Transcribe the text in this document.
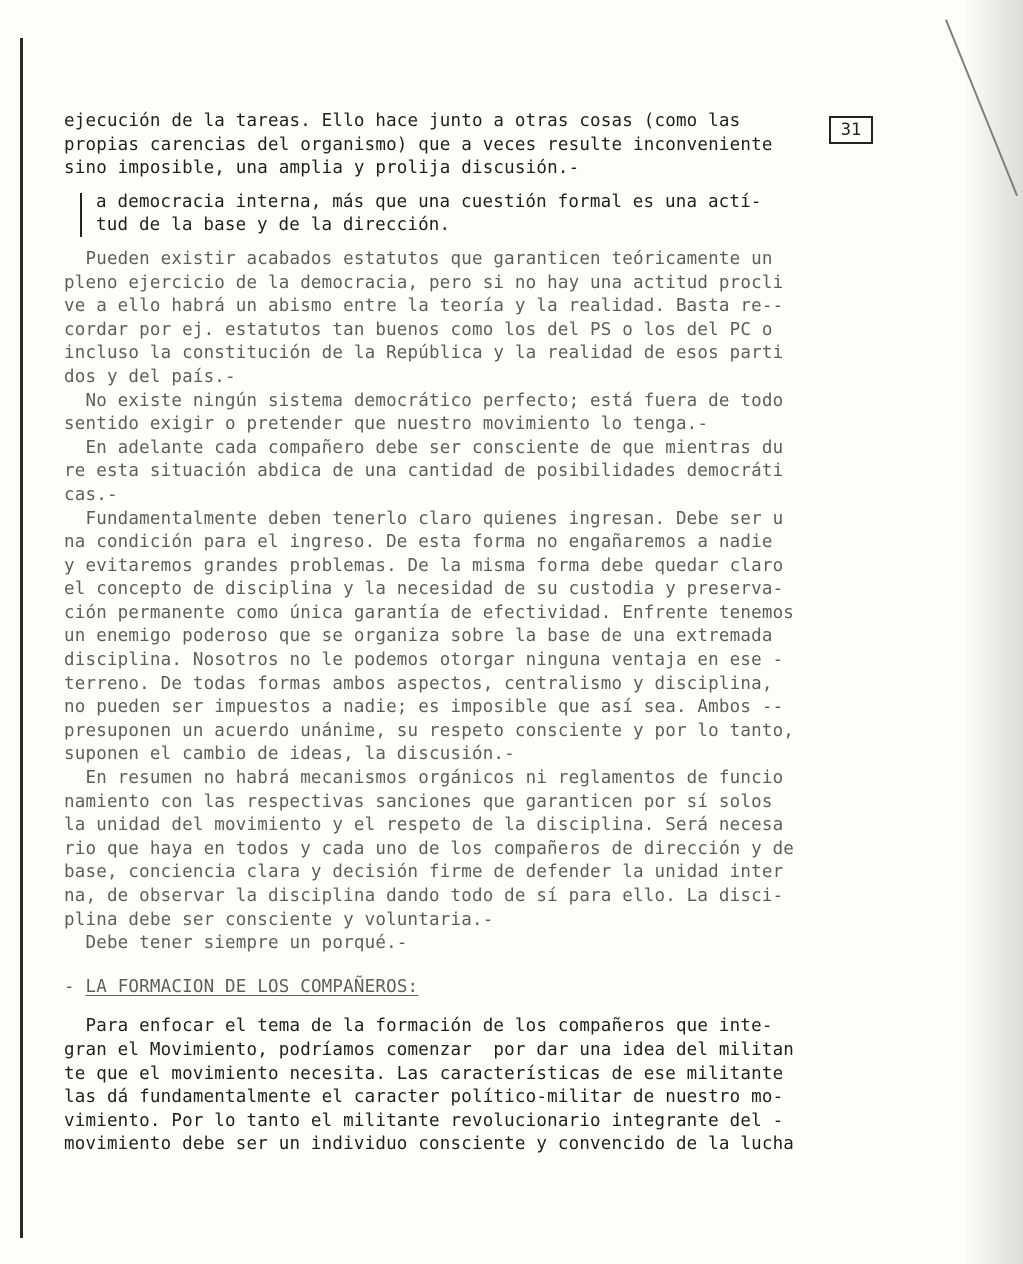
31
ejecución de la tareas. Ello hace junto a otras cosas (como las
propias carencias del organismo) que a veces resulte inconveniente
sino imposible, una amplia y prolija discusión.-
a democracia interna, más que una cuestión formal es una actí-
tud de la base y de la dirección.
Pueden existir acabados estatutos que garanticen teóricamente un
pleno ejercicio de la democracia, pero si no hay una actitud procli
ve a ello habrá un abismo entre la teoría y la realidad. Basta re--
cordar por ej. estatutos tan buenos como los del PS o los del PC o
incluso la constitución de la República y la realidad de esos parti
dos y del país.-
No existe ningún sistema democrático perfecto; está fuera de todo
sentido exigir o pretender que nuestro movimiento lo tenga.-
En adelante cada compañero debe ser consciente de que mientras du
re esta situación abdica de una cantidad de posibilidades democráti
cas.-
Fundamentalmente deben tenerlo claro quienes ingresan. Debe ser u
na condición para el ingreso. De esta forma no engañaremos a nadie
y evitaremos grandes problemas. De la misma forma debe quedar claro
el concepto de disciplina y la necesidad de su custodia y preserva-
ción permanente como única garantía de efectividad. Enfrente tenemos
un enemigo poderoso que se organiza sobre la base de una extremada
disciplina. Nosotros no le podemos otorgar ninguna ventaja en ese -
terreno. De todas formas ambos aspectos, centralismo y disciplina,
no pueden ser impuestos a nadie; es imposible que así sea. Ambos --
presuponen un acuerdo unánime, su respeto consciente y por lo tanto,
suponen el cambio de ideas, la discusión.-
En resumen no habrá mecanismos orgánicos ni reglamentos de funcio
namiento con las respectivas sanciones que garanticen por sí solos
la unidad del movimiento y el respeto de la disciplina. Será necesa
rio que haya en todos y cada uno de los compañeros de dirección y de
base, conciencia clara y decisión firme de defender la unidad inter
na, de observar la disciplina dando todo de sí para ello. La disci-
plina debe ser consciente y voluntaria.-
Debe tener siempre un porqué.-
- LA FORMACION DE LOS COMPAÑEROS:
Para enfocar el tema de la formación de los compañeros que inte-
gran el Movimiento, podríamos comenzar  por dar una idea del militan
te que el movimiento necesita. Las características de ese militante
las dá fundamentalmente el caracter político-militar de nuestro mo-
vimiento. Por lo tanto el militante revolucionario integrante del -
movimiento debe ser un individuo consciente y convencido de la lucha
